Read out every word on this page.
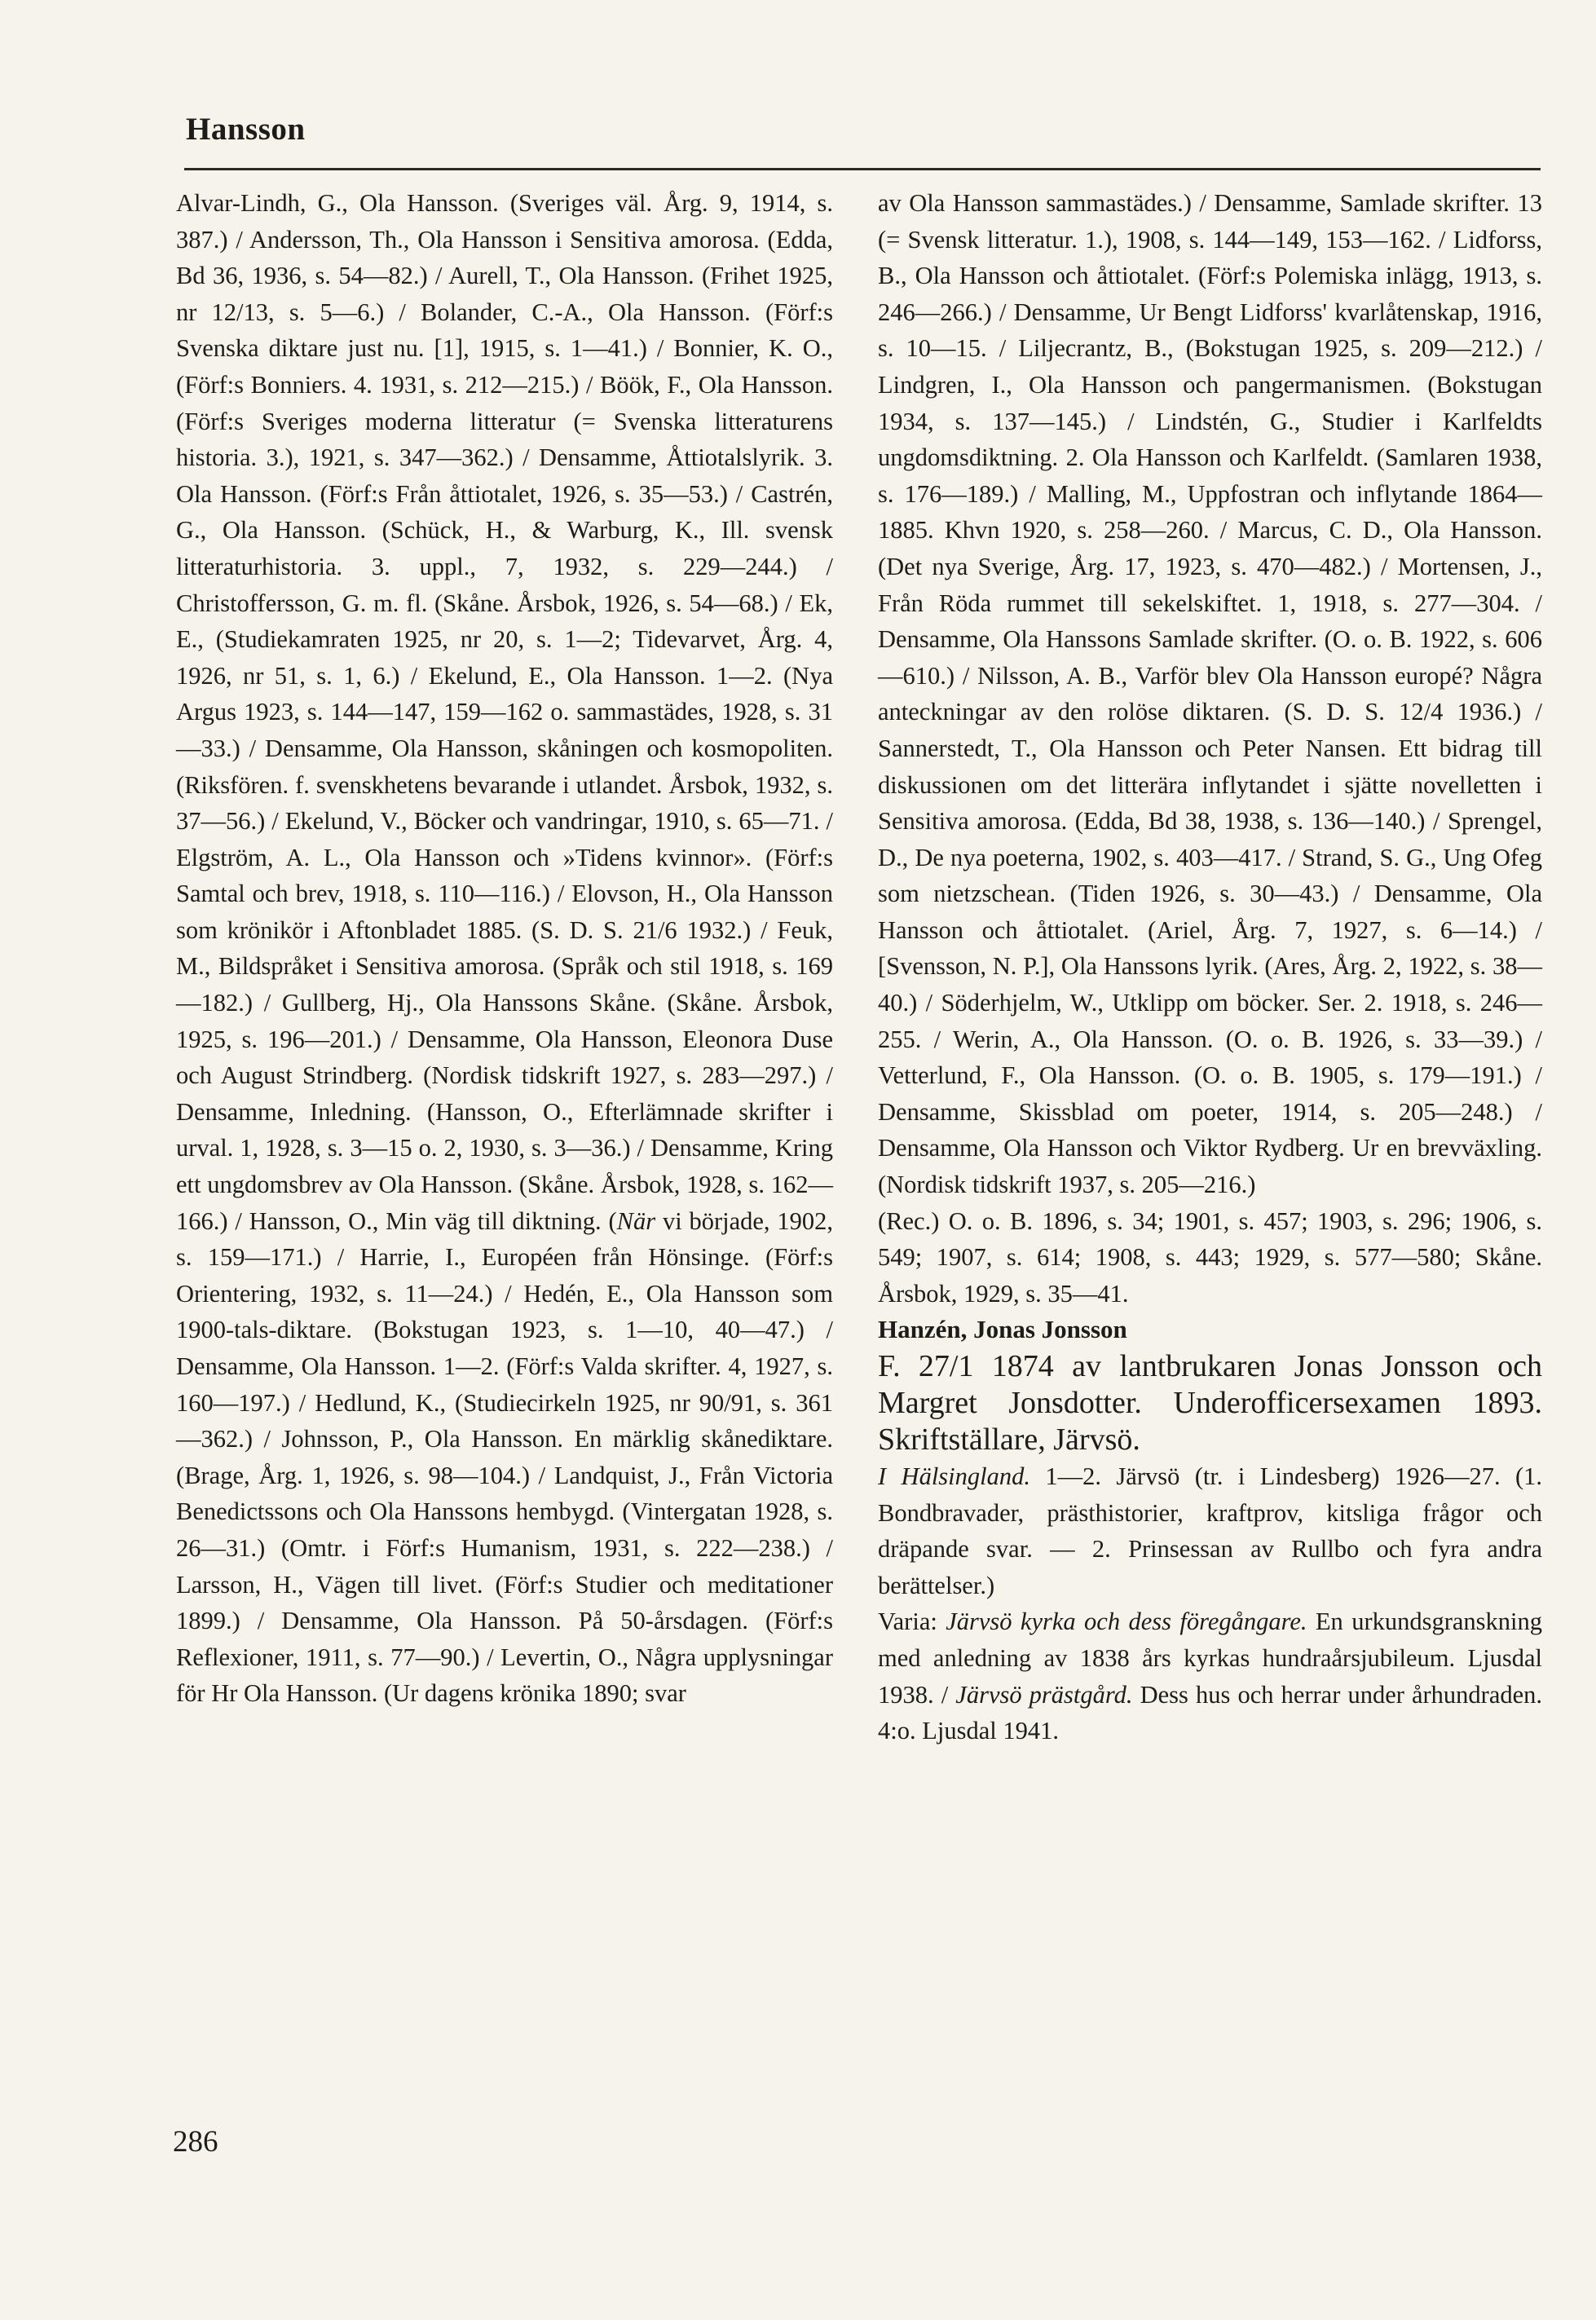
Hansson

Alvar-Lindh, G., Ola Hansson. (Sveriges väl. Årg. 9, 1914, s. 387.) / Andersson, Th., Ola Hansson i Sensitiva amorosa. (Edda, Bd 36, 1936, s. 54—82.) / Aurell, T., Ola Hansson. (Frihet 1925, nr 12/13, s. 5—6.) / Bolander, C.-A., Ola Hansson. (Förf:s Svenska diktare just nu. [1], 1915, s. 1—41.) / Bonnier, K. O., (Förf:s Bonniers. 4. 1931, s. 212—215.) / Böök, F., Ola Hansson. (Förf:s Sveriges moderna litteratur (= Svenska litteraturens historia. 3.), 1921, s. 347—362.) / Densamme, Åttiotalslyrik. 3. Ola Hansson. (Förf:s Från åttiotalet, 1926, s. 35—53.) / Castrén, G., Ola Hansson. (Schück, H., & Warburg, K., Ill. svensk litteraturhistoria. 3. uppl., 7, 1932, s. 229—244.) / Christoffersson, G. m. fl. (Skåne. Årsbok, 1926, s. 54—68.) / Ek, E., (Studiekamraten 1925, nr 20, s. 1—2; Tidevarvet, Årg. 4, 1926, nr 51, s. 1, 6.) / Ekelund, E., Ola Hansson. 1—2. (Nya Argus 1923, s. 144—147, 159—162 o. sammastädes, 1928, s. 31—33.) / Densamme, Ola Hansson, skåningen och kosmopoliten. (Riksfören. f. svenskhetens bevarande i utlandet. Årsbok, 1932, s. 37—56.) / Ekelund, V., Böcker och vandringar, 1910, s. 65—71. / Elgström, A. L., Ola Hansson och »Tidens kvinnor». (Förf:s Samtal och brev, 1918, s. 110—116.) / Elovson, H., Ola Hansson som krönikör i Aftonbladet 1885. (S. D. S. 21/6 1932.) / Feuk, M., Bildspråket i Sensitiva amorosa. (Språk och stil 1918, s. 169—182.) / Gullberg, Hj., Ola Hanssons Skåne. (Skåne. Årsbok, 1925, s. 196—201.) / Densamme, Ola Hansson, Eleonora Duse och August Strindberg. (Nordisk tidskrift 1927, s. 283—297.) / Densamme, Inledning. (Hansson, O., Efterlämnade skrifter i urval. 1, 1928, s. 3—15 o. 2, 1930, s. 3—36.) / Densamme, Kring ett ungdomsbrev av Ola Hansson. (Skåne. Årsbok, 1928, s. 162—166.) / Hansson, O., Min väg till diktning. (När vi började, 1902, s. 159—171.) / Harrie, I., Européen från Hönsinge. (Förf:s Orientering, 1932, s. 11—24.) / Hedén, E., Ola Hansson som 1900-tals-diktare. (Bokstugan 1923, s. 1—10, 40—47.) / Densamme, Ola Hansson. 1—2. (Förf:s Valda skrifter. 4, 1927, s. 160—197.) / Hedlund, K., (Studiecirkeln 1925, nr 90/91, s. 361—362.) / Johnsson, P., Ola Hansson. En märklig skånediktare. (Brage, Årg. 1, 1926, s. 98—104.) / Landquist, J., Från Victoria Benedictssons och Ola Hanssons hembygd. (Vintergatan 1928, s. 26—31.) (Omtr. i Förf:s Humanism, 1931, s. 222—238.) / Larsson, H., Vägen till livet. (Förf:s Studier och meditationer 1899.) / Densamme, Ola Hansson. På 50-årsdagen. (Förf:s Reflexioner, 1911, s. 77—90.) / Levertin, O., Några upplysningar för Hr Ola Hansson. (Ur dagens krönika 1890; svar

av Ola Hansson sammastädes.) / Densamme, Samlade skrifter. 13 (= Svensk litteratur. 1.), 1908, s. 144—149, 153—162. / Lidforss, B., Ola Hansson och åttiotalet. (Förf:s Polemiska inlägg, 1913, s. 246—266.) / Densamme, Ur Bengt Lidforss' kvarlåtenskap, 1916, s. 10—15. / Liljecrantz, B., (Bokstugan 1925, s. 209—212.) / Lindgren, I., Ola Hansson och pangermanismen. (Bokstugan 1934, s. 137—145.) / Lindstén, G., Studier i Karlfeldts ungdomsdiktning. 2. Ola Hansson och Karlfeldt. (Samlaren 1938, s. 176—189.) / Malling, M., Uppfostran och inflytande 1864—1885. Khvn 1920, s. 258—260. / Marcus, C. D., Ola Hansson. (Det nya Sverige, Årg. 17, 1923, s. 470—482.) / Mortensen, J., Från Röda rummet till sekelskiftet. 1, 1918, s. 277—304. / Densamme, Ola Hanssons Samlade skrifter. (O. o. B. 1922, s. 606—610.) / Nilsson, A. B., Varför blev Ola Hansson europé? Några anteckningar av den rolöse diktaren. (S. D. S. 12/4 1936.) / Sannerstedt, T., Ola Hansson och Peter Nansen. Ett bidrag till diskussionen om det litterära inflytandet i sjätte novelletten i Sensitiva amorosa. (Edda, Bd 38, 1938, s. 136—140.) / Sprengel, D., De nya poeterna, 1902, s. 403—417. / Strand, S. G., Ung Ofeg som nietzschean. (Tiden 1926, s. 30—43.) / Densamme, Ola Hansson och åttiotalet. (Ariel, Årg. 7, 1927, s. 6—14.) / [Svensson, N. P.], Ola Hanssons lyrik. (Ares, Årg. 2, 1922, s. 38—40.) / Söderhjelm, W., Utklipp om böcker. Ser. 2. 1918, s. 246—255. / Werin, A., Ola Hansson. (O. o. B. 1926, s. 33—39.) / Vetterlund, F., Ola Hansson. (O. o. B. 1905, s. 179—191.) / Densamme, Skissblad om poeter, 1914, s. 205—248.) / Densamme, Ola Hansson och Viktor Rydberg. Ur en brevväxling. (Nordisk tidskrift 1937, s. 205—216.)

(Rec.) O. o. B. 1896, s. 34; 1901, s. 457; 1903, s. 296; 1906, s. 549; 1907, s. 614; 1908, s. 443; 1929, s. 577—580; Skåne. Årsbok, 1929, s. 35—41.

Hanzén, Jonas Jonsson

F. 27/1 1874 av lantbrukaren Jonas Jonsson och Margret Jonsdotter. Underofficersexamen 1893. Skriftställare, Järvsö.

I Hälsingland. 1—2. Järvsö (tr. i Lindesberg) 1926—27. (1. Bondbravader, prästhistorier, kraftprov, kitsliga frågor och dräpande svar. — 2. Prinsessan av Rullbo och fyra andra berättelser.)

Varia: Järvsö kyrka och dess föregångare. En urkundsgranskning med anledning av 1838 års kyrkas hundraårsjubileum. Ljusdal 1938. / Järvsö prästgård. Dess hus och herrar under århundraden. 4:o. Ljusdal 1941.

286
